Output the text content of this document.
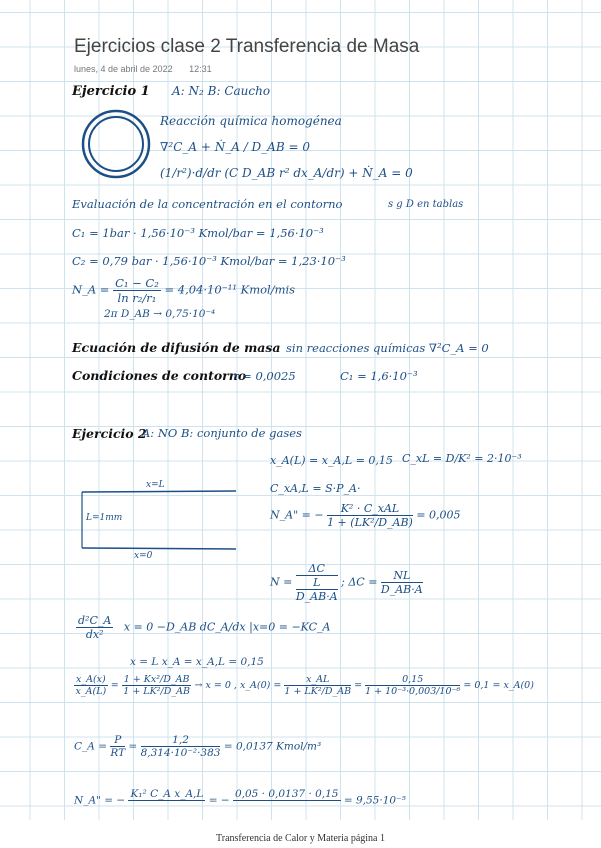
Ejercicios clase 2 Transferencia de Masa
lunes, 4 de abril de 2022 12:31
Ejercicio 1 A: N₂ B: Caucho
Reacción química homogénea
∇²C_A + Ṅ_A / D_AB = 0
(1/r²)·d/dr (C D_AB r² dx_A/dr) + Ṅ_A = 0
Evaluación de la concentración en el contorno	s g D en tablas
C₁ = 1bar · 1,56·10⁻³ Kmol/bar = 1,56·10⁻³
C₂ = 0,79 bar · 1,56·10⁻³ Kmol/bar = 1,23·10⁻³
N_A = $\frac{\text{C₁ − C₂}}{\text{ln r₂/r₁}} = 4,04\cdot 10^{-11}$ Kmol/mis
2π D_AB → 0,75·10⁻⁴
Ecuación de difusión de masa sin reacciones químicas ∇²C_A = 0
Condiciones de contorno
r = 0,0025	C₁ = 1,6·10⁻³
Ejercicio 2
A: NO B: conjunto de gases
x_A(L) = x_A,L = 0,15 C_xL = D/K² = 2·10⁻³
C_xA,L = S·P_A·
N_A" = − $\frac{\text{K² · C\_xAL}}{\text{1 + (LK²/D\_AB)}} = 0,005$
x=L
L=1mm
x=0
N =
ΔC
L
D_AB·A
; $\Delta C = \frac{NL}{D\_AB\cdot A}$
$\frac{\text{d²C\_A}}{\text{dx²}}$ x = 0 −D_AB dC_A/dx |x=0 = −KC_A
x = L x_A = x_A,L = 0,15
$\frac{x\_A(x)}{x\_A(L)} = \frac{\text{1 + Kx²/D\_AB}}{\text{1 + LK²/D\_AB}} \to x = 0$ , x_A(0) = $\frac{x\_AL}{\text{1 + LK²/D\_AB}} = \frac{0,15}{\text{1 + 10⁻³·0,003/10⁻⁶}} = 0,1$ = x_A(0)
C_A = $\frac{P}{RT} = \frac{1,2}{\text{8,314·10⁻²·383}} = 0,0137$ Kmol/m³
N_A" = −
K₁² C_A x_A,L

= −
0,05 · 0,0137 · 0,15

= 9,55·10⁻⁵
Transferencia de Calor y Materia página 1
